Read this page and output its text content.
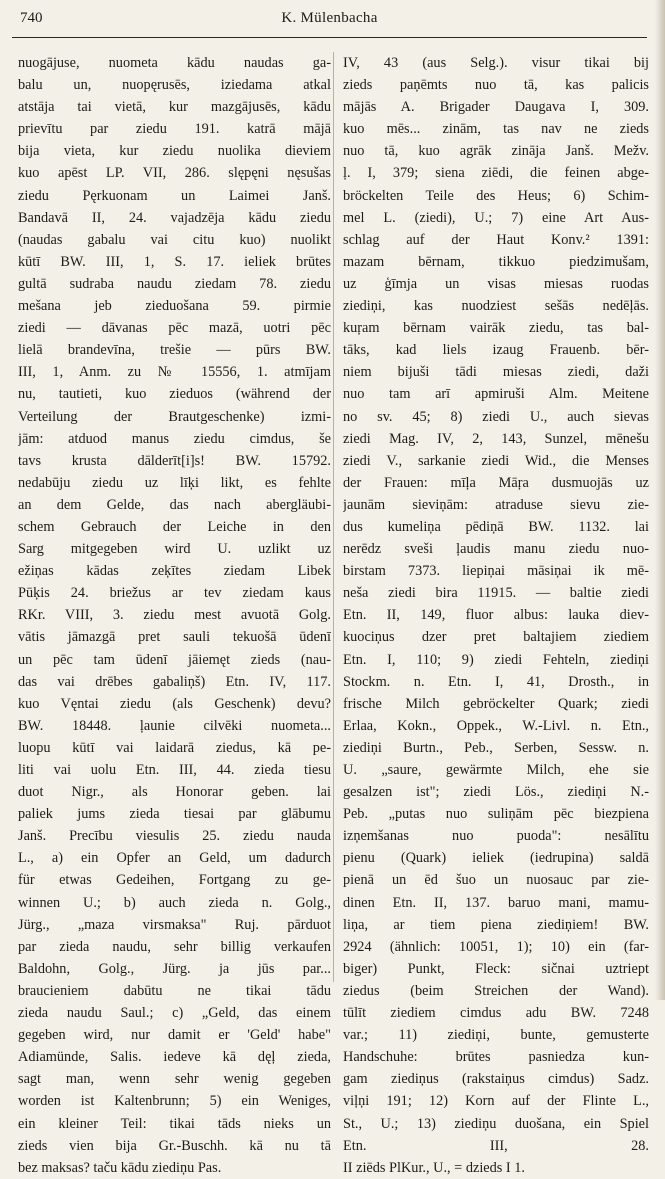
740	K. Mülenbacha
nuogājuse, nuometa kādu naudas ga-
balu un, nuopęrusēs, iziedama atkal
atstāja tai vietā, kur mazgājusēs, kādu
prievītu par ziedu 191. katrā mājā
bija vieta, kur ziedu nuolika dieviem
kuo apēst LP. VII, 286. slępęni nęsušas
ziedu Pęrkuonam un Laimei Janš.
Bandavā II, 24. vajadzēja kādu ziedu
(naudas gabalu vai citu kuo) nuolikt
kūtī BW. III, 1, S. 17. ieliek brūtes
gultā sudraba naudu ziedam 78. ziedu
mešana jeb zieduošana 59. pirmie
ziedi — dāvanas pēc mazā, uotri pēc
lielā brandevīna, trešie — pūrs BW.
III, 1, Anm. zu № 15556, 1. atmījam
nu, tautieti, kuo zieduos (während der
Verteilung der Brautgeschenke) izmi-
jām: atduod manus ziedu cimdus, še
tavs krusta dālderīt[i]s! BW. 15792.
nedabūju ziedu uz līķi likt, es fehlte
an dem Gelde, das nach abergläubi-
schem Gebrauch der Leiche in den
Sarg mitgegeben wird U. uzlikt uz
ežiņas kādas zeķītes ziedam Libek
Pūķis 24. briežus ar tev ziedam kaus
RKr. VIII, 3. ziedu mest avuotā Golg.
vātis jāmazgā pret sauli tekuošā ūdenī
un pēc tam ūdenī jāiemęt zieds (nau-
das vai drēbes gabaliņš) Etn. IV, 117.
kuo Vęntai ziedu (als Geschenk) devu?
BW. 18448. ļaunie cilvēki nuometa...
luopu kūtī vai laidarā ziedus, kā pe-
liti vai uolu Etn. III, 44. zieda tiesu
duot Nigr., als Honorar geben. lai
paliek jums zieda tiesai par glābumu
Janš. Precību viesulis 25. ziedu nauda
L., a) ein Opfer an Geld, um dadurch
für etwas Gedeihen, Fortgang zu ge-
winnen U.; b) auch zieda n. Golg.,
Jürg., „maza virsmaksa" Ruj. pārduot
par zieda naudu, sehr billig verkaufen
Baldohn, Golg., Jürg. ja jūs par...
braucieniem dabūtu ne tikai tādu
zieda naudu Saul.; c) „Geld, das einem
gegeben wird, nur damit er 'Geld' habe"
Adiamünde, Salis. iedeve kā dęļ zieda,
sagt man, wenn sehr wenig gegeben
worden ist Kaltenbrunn; 5) ein Weniges,
ein kleiner Teil: tikai tāds nieks un
zieds vien bija Gr.-Buschh. kā nu tā
bez maksas? taču kādu ziediņu Pas.
IV, 43 (aus Selg.). visur tikai bij
zieds paņēmts nuo tā, kas palicis
mājās A. Brigader Daugava I, 309.
kuo mēs... zinām, tas nav ne zieds
nuo tā, kuo agrāk zināja Janš. Mežv.
ļ. I, 379; siena ziēdi, die feinen abge-
bröckelten Teile des Heus; 6) Schim-
mel L. (ziedi), U.; 7) eine Art Aus-
schlag auf der Haut Konv.² 1391:
mazam bērnam, tikkuo piedzimušam,
uz ģīmja un visas miesas ruodas
ziediņi, kas nuodziest sešās nedēļās.
kuŗam bērnam vairāk ziedu, tas bal-
tāks, kad liels izaug Frauenb. bēr-
niem bijuši tādi miesas ziedi, daži
nuo tam arī apmiruši Alm. Meitene
no sv. 45; 8) ziedi U., auch sievas
ziedi Mag. IV, 2, 143, Sunzel, mēnešu
ziedi V., sarkanie ziedi Wid., die Menses
der Frauen: mīļa Māŗa dusmuojās uz
jaunām sieviņām: atraduse sievu zie-
dus kumeliņa pēdiņā BW. 1132. lai
nerēdz sveši ļaudis manu ziedu nuo-
birstam 7373. liepiņai māsiņai ik mē-
neša ziedi bira 11915. — baltie ziedi
Etn. II, 149, fluor albus: lauka diev-
kuociņus dzer pret baltajiem ziediem
Etn. I, 110; 9) ziedi Fehteln, ziediņi
Stockm. n. Etn. I, 41, Drosth., in
frische Milch gebröckelter Quark; ziedi
Erlaa, Kokn., Oppek., W.-Livl. n. Etn.,
ziediņi Burtn., Peb., Serben, Sessw. n.
U. „saure, gewärmte Milch, ehe sie
gesalzen ist"; ziedi Lös., ziediņi N.-
Peb. „putas nuo suliņām pēc biezpiena
izņemšanas nuo puoda": nesālītu
pienu (Quark) ieliek (iedrupina) saldā
pienā un ēd šuo un nuosauc par zie-
dinen Etn. II, 137. baruo mani, mamu-
liņa, ar tiem piena ziediņiem! BW.
2924 (ähnlich: 10051, 1); 10) ein (far-
biger) Punkt, Fleck: sičnai uztriept
ziedus (beim Streichen der Wand).
tūlīt ziediem cimdus adu BW. 7248
var.; 11) ziediņi, bunte, gemusterte
Handschuhe: brūtes pasniedza kun-
gam ziediņus (rakstaiņus cimdus) Sadz.
viļņi 191; 12) Korn auf der Flinte L.,
St., U.; 13) ziediņu duošana, ein Spiel
Etn. III, 28.
II ziēds PlKur., U., = dzieds I 1.
